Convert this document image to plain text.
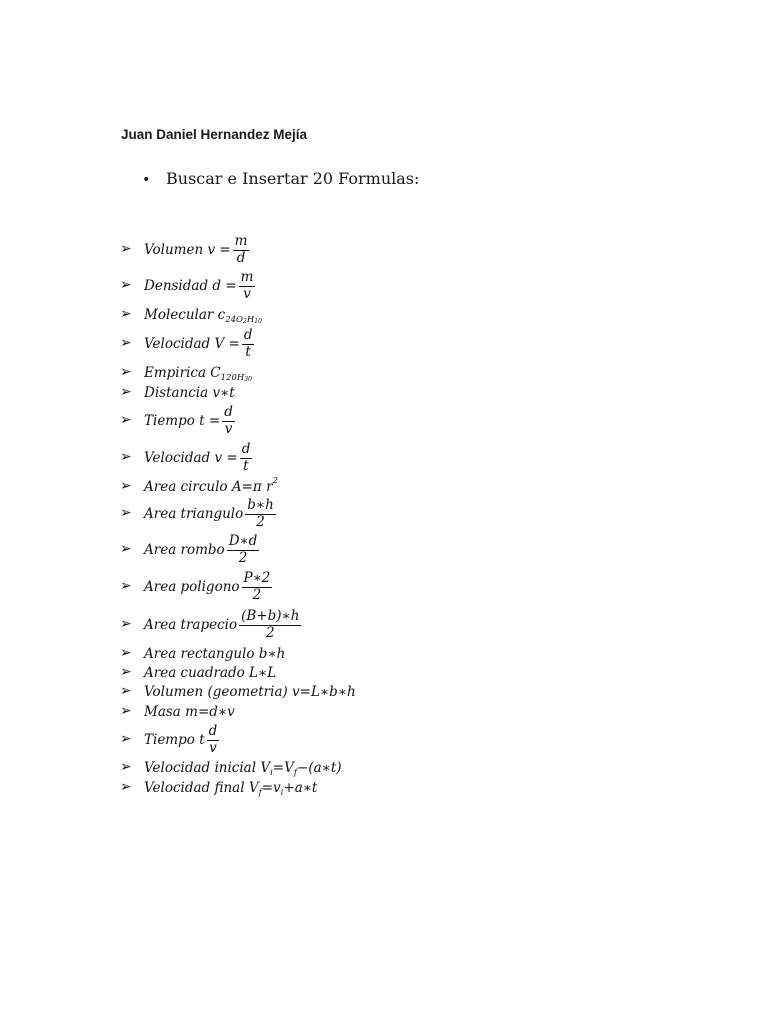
Juan Daniel Hernandez Mejía
• Buscar e Insertar 20 Formulas:
➢ Volumen
$v = \frac{m}{d}$
➢ Densidad
$d = \frac{m}{v}$
➢ Molecular
c 24O 2 H 10
➢ Velocidad
$V = \frac{d}{t}$
➢ Empirica
C 120H 30
➢ Distancia
v∗t
➢ Tiempo
$t = \frac{d}{v}$
➢ Velocidad
$v = \frac{d}{t}$
➢ Area circulo
A=π r 2
➢ Area triangulo $\frac{b∗h}{2}$
➢ Area rombo $\frac{D∗d}{2}$
➢ Area poligono $\frac{P∗2}{2}$
➢ Area trapecio $\frac{(B+b)∗h}{2}$
➢ Area rectangulo
b∗h
➢ Area cuadrado
L∗L
➢ Volumen
(geometria) v=L∗b∗h
➢ Masa
m=d∗v
➢ Tiempo
t $\frac{d}{v}$
➢ Velocidad inicial
V i =V f −(a∗t)
➢ Velocidad final
V f =v i +a∗t
